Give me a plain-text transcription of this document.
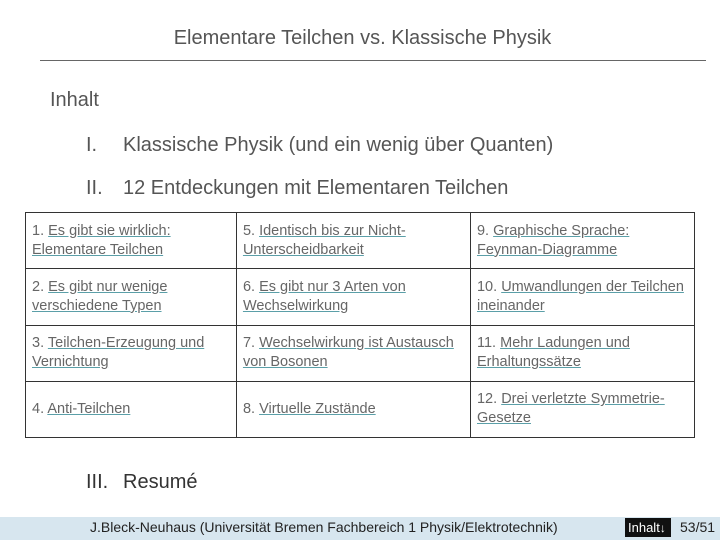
Elementare Teilchen vs. Klassische Physik
Inhalt
I. Klassische Physik (und ein wenig über Quanten)
II. 12 Entdeckungen mit Elementaren Teilchen
1. Es gibt sie wirklich: Elementare Teilchen	5. Identisch bis zur Nicht-Unterscheidbarkeit	9. Graphische Sprache: Feynman-Diagramme
2. Es gibt nur wenige verschiedene Typen	6. Es gibt nur 3 Arten von Wechselwirkung	10. Umwandlungen der Teilchen ineinander
3. Teilchen-Erzeugung und Vernichtung	7. Wechselwirkung ist Austausch von Bosonen	11. Mehr Ladungen und Erhaltungssätze
4. Anti-Teilchen	8. Virtuelle Zustände	12. Drei verletzte Symmetrie-Gesetze
III. Resumé
J.Bleck-Neuhaus (Universität Bremen Fachbereich 1 Physik/Elektrotechnik)	Inhalt↓	53/51
